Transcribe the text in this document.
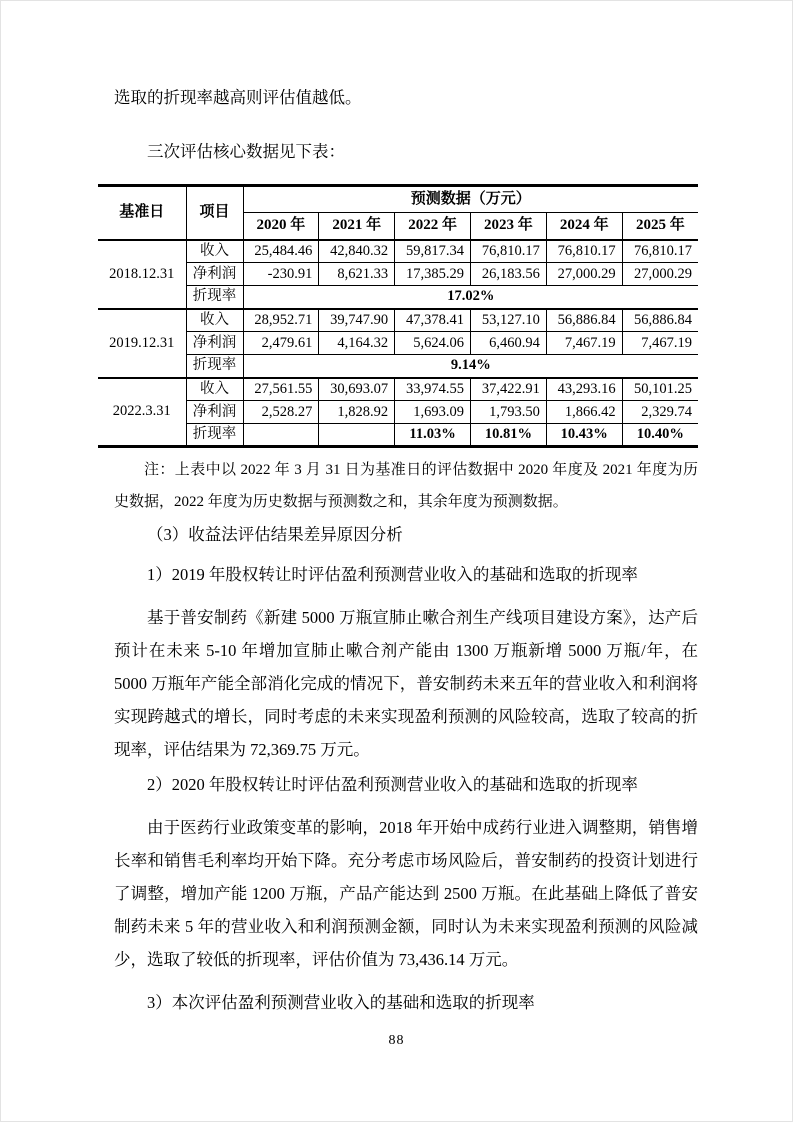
选取的折现率越高则评估值越低。

三次评估核心数据见下表：

基准日	项目	预测数据（万元）					
		2020 年	2021 年	2022 年	2023 年	2024 年	2025 年
2018.12.31	收入	25,484.46	42,840.32	59,817.34	76,810.17	76,810.17	76,810.17
	净利润	-230.91	8,621.33	17,385.29	26,183.56	27,000.29	27,000.29
	折现率	17.02%					
2019.12.31	收入	28,952.71	39,747.90	47,378.41	53,127.10	56,886.84	56,886.84
	净利润	2,479.61	4,164.32	5,624.06	6,460.94	7,467.19	7,467.19
	折现率	9.14%					
2022.3.31	收入	27,561.55	30,693.07	33,974.55	37,422.91	43,293.16	50,101.25
	净利润	2,528.27	1,828.92	1,693.09	1,793.50	1,866.42	2,329.74
	折现率			11.03%	10.81%	10.43%	10.40%

注：上表中以 2022 年 3 月 31 日为基准日的评估数据中 2020 年度及 2021 年度为历史数据，2022 年度为历史数据与预测数之和，其余年度为预测数据。

（3）收益法评估结果差异原因分析

1）2019 年股权转让时评估盈利预测营业收入的基础和选取的折现率

基于普安制药《新建 5000 万瓶宣肺止嗽合剂生产线项目建设方案》，达产后预计在未来 5-10 年增加宣肺止嗽合剂产能由 1300 万瓶新增 5000 万瓶/年，在 5000 万瓶年产能全部消化完成的情况下，普安制药未来五年的营业收入和利润将实现跨越式的增长，同时考虑的未来实现盈利预测的风险较高，选取了较高的折现率，评估结果为 72,369.75 万元。

2）2020 年股权转让时评估盈利预测营业收入的基础和选取的折现率

由于医药行业政策变革的影响，2018 年开始中成药行业进入调整期，销售增长率和销售毛利率均开始下降。充分考虑市场风险后，普安制药的投资计划进行了调整，增加产能 1200 万瓶，产品产能达到 2500 万瓶。在此基础上降低了普安制药未来 5 年的营业收入和利润预测金额，同时认为未来实现盈利预测的风险减少，选取了较低的折现率，评估价值为 73,436.14 万元。

3）本次评估盈利预测营业收入的基础和选取的折现率

88
